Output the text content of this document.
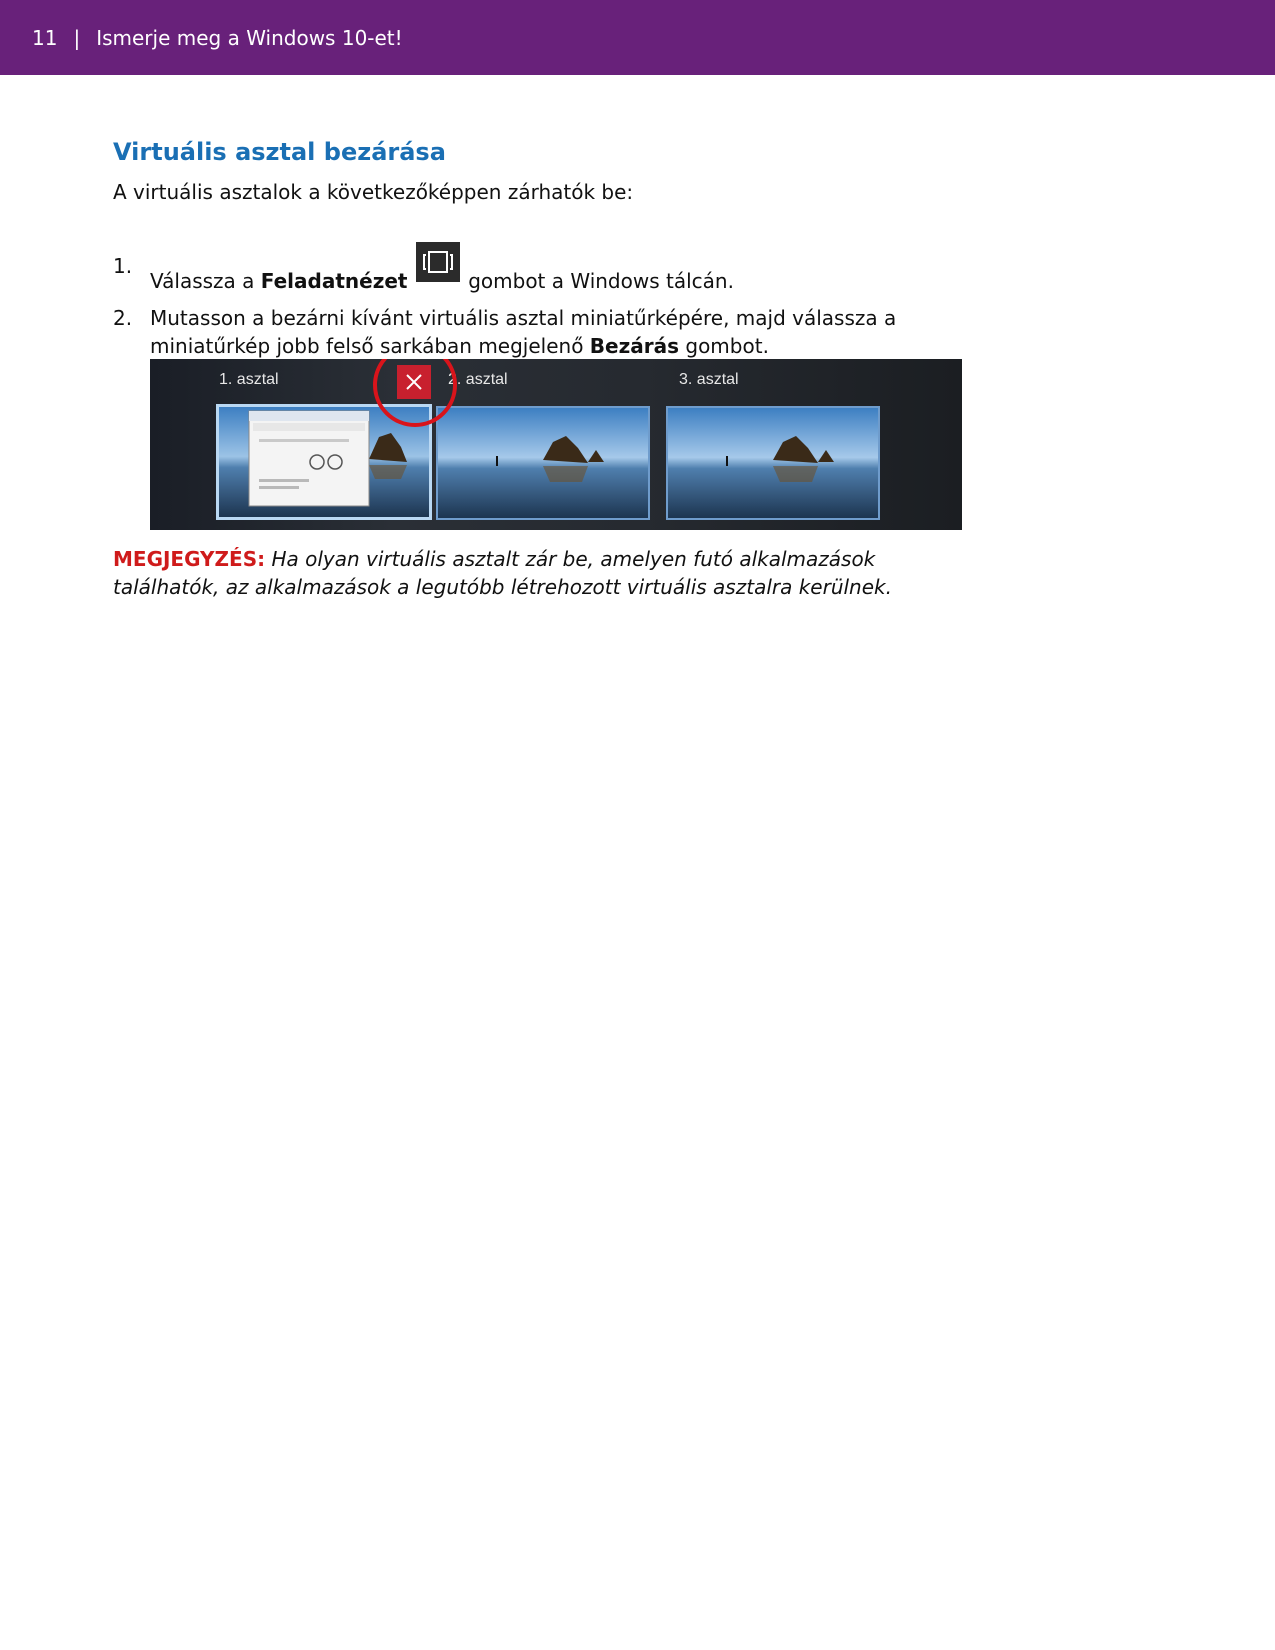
11 | Ismerje meg a Windows 10-et!
Virtuális asztal bezárása
A virtuális asztalok a következőképpen zárhatók be:
1.
Válassza a Feladatnézet	gombot a Windows tálcán.
2. Mutasson a bezárni kívánt virtuális asztal miniatűrképére, majd válassza a miniatűrkép jobb felső sarkában megjelenő Bezárás gombot.
1. asztal	2. asztal	3. asztal
MEGJEGYZÉS: Ha olyan virtuális asztalt zár be, amelyen futó alkalmazások találhatók, az alkalmazások a legutóbb létrehozott virtuális asztalra kerülnek.
